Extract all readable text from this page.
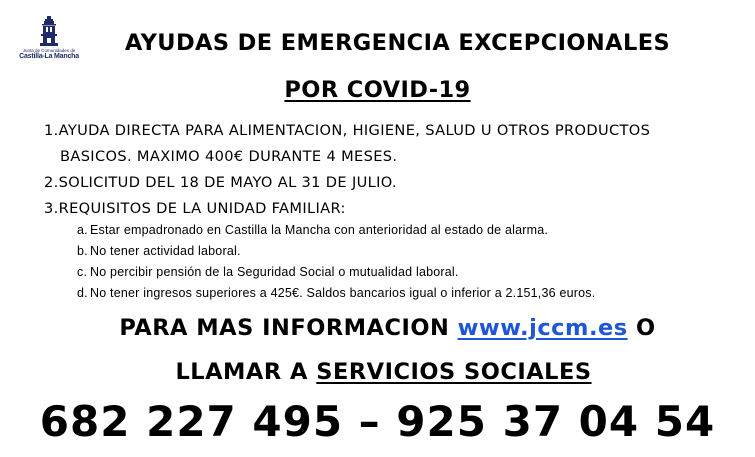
Junta de Comunidades de
Castilla-La Mancha
AYUDAS DE EMERGENCIA EXCEPCIONALES
POR COVID-19
1.AYUDA DIRECTA PARA ALIMENTACION, HIGIENE, SALUD U OTROS PRODUCTOS
BASICOS. MAXIMO 400€ DURANTE 4 MESES.
2.SOLICITUD DEL 18 DE MAYO AL 31 DE JULIO.
3.REQUISITOS DE LA UNIDAD FAMILIAR:
a. Estar empadronado en Castilla la Mancha con anterioridad al estado de alarma.
b. No tener actividad laboral.
c. No percibir pensión de la Seguridad Social o mutualidad laboral.
d. No tener ingresos superiores a 425€. Saldos bancarios igual o inferior a 2.151,36 euros.
PARA MAS INFORMACION www.jccm.es O
LLAMAR A SERVICIOS SOCIALES
682 227 495 – 925 37 04 54
